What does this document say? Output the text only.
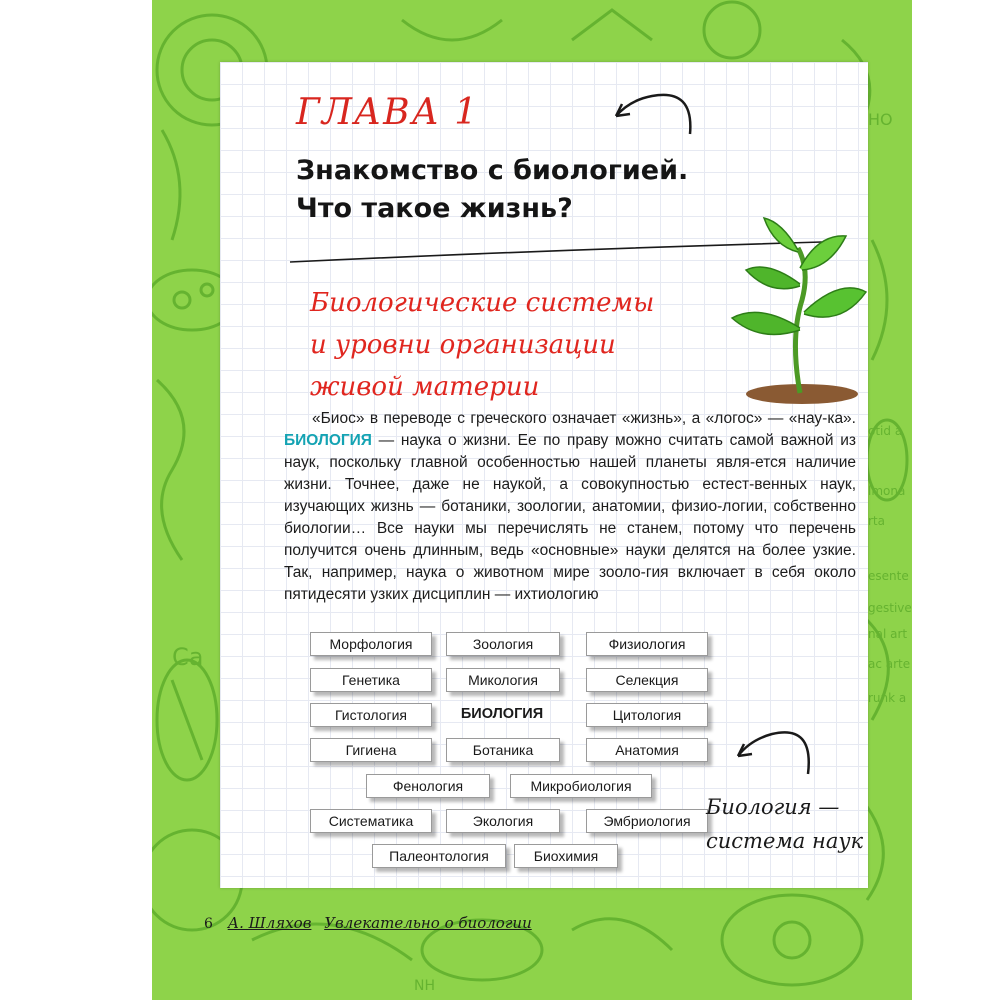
Ca
HO
otid a
lmona
rta
esente
gestive
nal art
ac arte
runk a
NH
ГЛАВА 1
Знакомство с биологией.
Что такое жизнь?
Биологические системы
и уровни организации
живой материи

«Биос» в переводе с греческого означает «жизнь», а «логос» — «нау-ка». БИОЛОГИЯ — наука о жизни. Ее по праву можно считать самой важной из наук, поскольку главной особенностью нашей планеты явля-ется наличие жизни. Точнее, даже не наукой, а совокупностью естест-венных наук, изучающих жизнь — ботаники, зоологии, анатомии, физио-логии, собственно биологии… Все науки мы перечислять не станем, потому что перечень получится очень длинным, ведь «основные» науки делятся на более узкие. Так, например, наука о животном мире зооло-гия включает в себя около пятидесяти узких дисциплин — ихтиологию

Морфология	Зоология	Физиология
Генетика	Микология	Селекция
Гистология	БИОЛОГИЯ	Цитология
Гигиена	Ботаника	Анатомия
Фенология	Микробиология
Систематика	Экология	Эмбриология
Палеонтология	Биохимия

Биология —
система наук

6 А. Шляхов Увлекательно о биологии
